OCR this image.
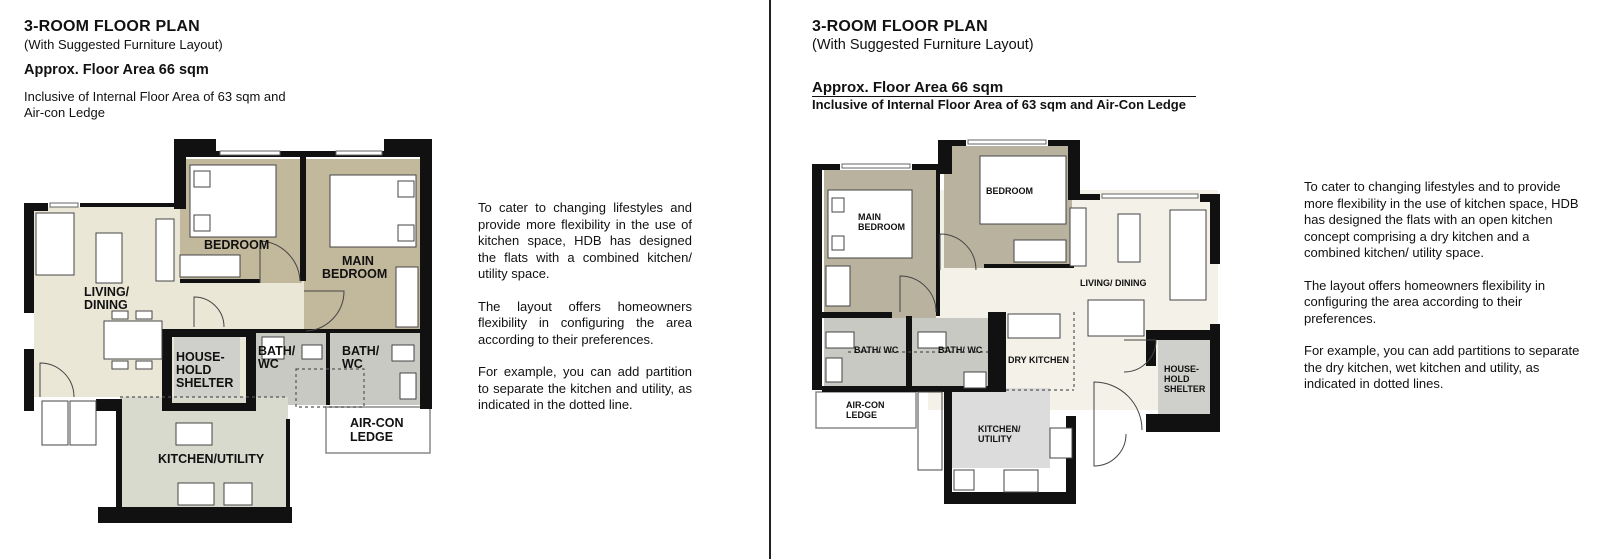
3-ROOM FLOOR PLAN
(With Suggested Furniture Layout)
Approx. Floor Area 66 sqm
Inclusive of Internal Floor Area of 63 sqm and
Air-con Ledge
BEDROOM
MAIN
BEDROOM
LIVING/
DINING
HOUSE-
HOLD
SHELTER
BATH/
WC
BATH/
WC
AIR-CON
LEDGE
KITCHEN/UTILITY

To cater to changing lifestyles and provide more flexibility in the use of kitchen space, HDB has designed the flats with a combined kitchen/ utility space.

The layout offers homeowners flexibility in configuring the area according to their preferences.

For example, you can add partition to separate the kitchen and utility, as indicated in the dotted line.

3-ROOM FLOOR PLAN
(With Suggested Furniture Layout)
Approx. Floor Area 66 sqm
Inclusive of Internal Floor Area of 63 sqm and Air-Con Ledge
MAIN
BEDROOM
BEDROOM
LIVING/ DINING
BATH/ WC	BATH/ WC
DRY KITCHEN
HOUSE-
HOLD
SHELTER
AIR-CON
LEDGE
KITCHEN/
UTILITY

To cater to changing lifestyles and to provide more flexibility in the use of kitchen space, HDB has designed the flats with an open kitchen concept comprising a dry kitchen and a combined kitchen/ utility space.

The layout offers homeowners flexibility in configuring the area according to their preferences.

For example, you can add partitions to separate the dry kitchen, wet kitchen and utility, as indicated in dotted lines.
